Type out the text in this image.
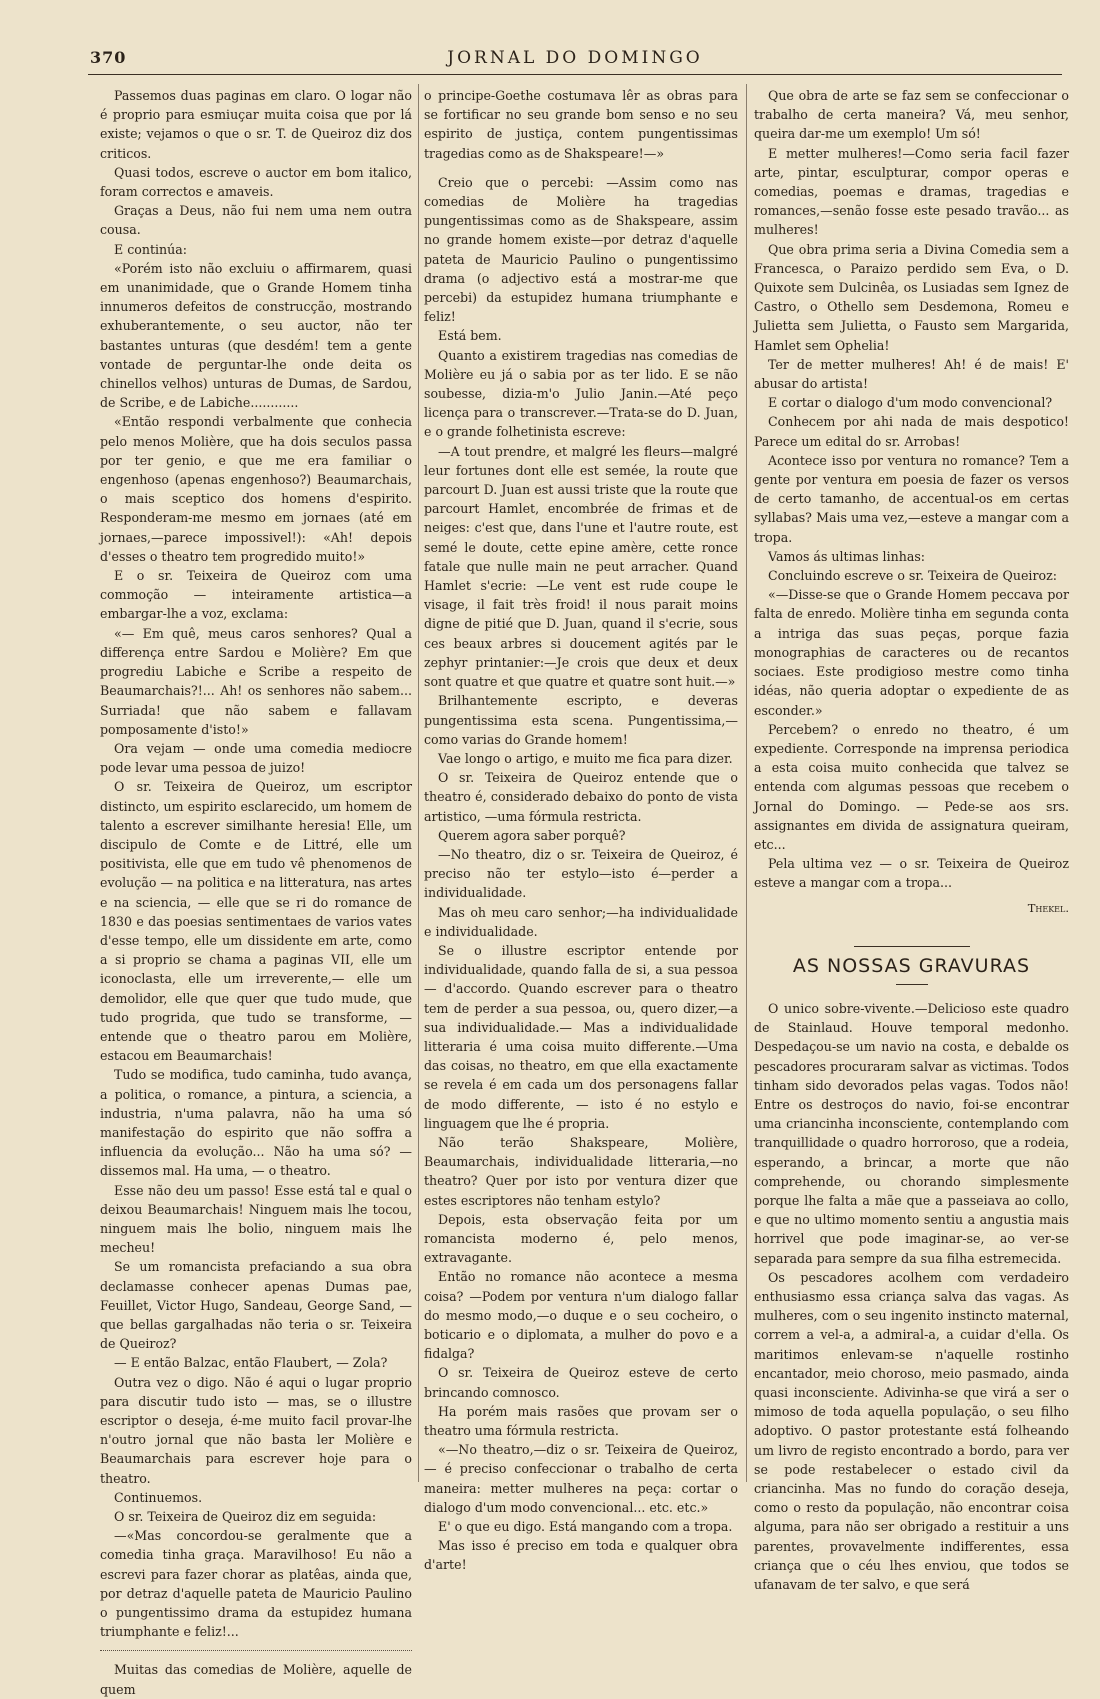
370	JORNAL DO DOMINGO

Passemos duas paginas em claro. O logar não é proprio para esmiuçar muita coisa que por lá existe; vejamos o que o sr. T. de Queiroz diz dos criticos.

Quasi todos, escreve o auctor em bom italico, foram correctos e amaveis.

Graças a Deus, não fui nem uma nem outra cousa.

E continúa:

«Porém isto não excluiu o affirmarem, quasi em unanimidade, que o Grande Homem tinha innumeros defeitos de construcção, mostrando exhuberantemente, o seu auctor, não ter bastantes unturas (que desdém! tem a gente vontade de perguntar-lhe onde deita os chinellos velhos) unturas de Dumas, de Sardou, de Scribe, e de Labiche............

«Então respondi verbalmente que conhecia pelo menos Molière, que ha dois seculos passa por ter genio, e que me era familiar o engenhoso (apenas engenhoso?) Beaumarchais, o mais sceptico dos homens d'espirito. Responderam-me mesmo em jornaes (até em jornaes,—parece impossivel!): «Ah! depois d'esses o theatro tem progredido muito!»

E o sr. Teixeira de Queiroz com uma commoção — inteiramente artistica—a embargar-lhe a voz, exclama:

«— Em quê, meus caros senhores? Qual a differença entre Sardou e Molière? Em que progrediu Labiche e Scribe a respeito de Beaumarchais?!... Ah! os senhores não sabem... Surriada! que não sabem e fallavam pomposamente d'isto!»

Ora vejam — onde uma comedia mediocre pode levar uma pessoa de juizo!

O sr. Teixeira de Queiroz, um escriptor distincto, um espirito esclarecido, um homem de talento a escrever similhante heresia! Elle, um discipulo de Comte e de Littré, elle um positivista, elle que em tudo vê phenomenos de evolução — na politica e na litteratura, nas artes e na sciencia, — elle que se ri do romance de 1830 e das poesias sentimentaes de varios vates d'esse tempo, elle um dissidente em arte, como a si proprio se chama a paginas VII, elle um iconoclasta, elle um irreverente,— elle um demolidor, elle que quer que tudo mude, que tudo progrida, que tudo se transforme, — entende que o theatro parou em Molière, estacou em Beaumarchais!

Tudo se modifica, tudo caminha, tudo avança, a politica, o romance, a pintura, a sciencia, a industria, n'uma palavra, não ha uma só manifestação do espirito que não soffra a influencia da evolução... Não ha uma só? — dissemos mal. Ha uma, — o theatro.

Esse não deu um passo! Esse está tal e qual o deixou Beaumarchais! Ninguem mais lhe tocou, ninguem mais lhe bolio, ninguem mais lhe mecheu!

Se um romancista prefaciando a sua obra declamasse conhecer apenas Dumas pae, Feuillet, Victor Hugo, Sandeau, George Sand, — que bellas gargalhadas não teria o sr. Teixeira de Queiroz?

— E então Balzac, então Flaubert, — Zola?

Outra vez o digo. Não é aqui o lugar proprio para discutir tudo isto — mas, se o illustre escriptor o deseja, é-me muito facil provar-lhe n'outro jornal que não basta ler Molière e Beaumarchais para escrever hoje para o theatro.

Continuemos.

O sr. Teixeira de Queiroz diz em seguida:

—«Mas concordou-se geralmente que a comedia tinha graça. Maravilhoso! Eu não a escrevi para fazer chorar as platêas, ainda que, por detraz d'aquelle pateta de Mauricio Paulino o pungentissimo drama da estupidez humana triumphante e feliz!...

Muitas das comedias de Molière, aquelle de quem

o principe-Goethe costumava lêr as obras para se fortificar no seu grande bom senso e no seu espirito de justiça, contem pungentissimas tragedias como as de Shakspeare!—»

Creio que o percebi: —Assim como nas comedias de Molière ha tragedias pungentissimas como as de Shakspeare, assim no grande homem existe—por detraz d'aquelle pateta de Mauricio Paulino o pungentissimo drama (o adjectivo está a mostrar-me que percebi) da estupidez humana triumphante e feliz!

Está bem.

Quanto a existirem tragedias nas comedias de Molière eu já o sabia por as ter lido. E se não soubesse, dizia-m'o Julio Janin.—Até peço licença para o transcrever.—Trata-se do D. Juan, e o grande folhetinista escreve:

—A tout prendre, et malgré les fleurs—malgré leur fortunes dont elle est semée, la route que parcourt D. Juan est aussi triste que la route que parcourt Hamlet, encombrée de frimas et de neiges: c'est que, dans l'une et l'autre route, est semé le doute, cette epine amère, cette ronce fatale que nulle main ne peut arracher. Quand Hamlet s'ecrie: —Le vent est rude coupe le visage, il fait très froid! il nous parait moins digne de pitié que D. Juan, quand il s'ecrie, sous ces beaux arbres si doucement agités par le zephyr printanier:—Je crois que deux et deux sont quatre et que quatre et quatre sont huit.—»

Brilhantemente escripto, e deveras pungentissima esta scena. Pungentissima,—como varias do Grande homem!

Vae longo o artigo, e muito me fica para dizer.

O sr. Teixeira de Queiroz entende que o theatro é, considerado debaixo do ponto de vista artistico, —uma fórmula restricta.

Querem agora saber porquê?

—No theatro, diz o sr. Teixeira de Queiroz, é preciso não ter estylo—isto é—perder a individualidade.

Mas oh meu caro senhor;—ha individualidade e individualidade.

Se o illustre escriptor entende por individualidade, quando falla de si, a sua pessoa — d'accordo. Quando escrever para o theatro tem de perder a sua pessoa, ou, quero dizer,—a sua individualidade.— Mas a individualidade litteraria é uma coisa muito differente.—Uma das coisas, no theatro, em que ella exactamente se revela é em cada um dos personagens fallar de modo differente, — isto é no estylo e linguagem que lhe é propria.

Não terão Shakspeare, Molière, Beaumarchais, individualidade litteraria,—no theatro? Quer por isto por ventura dizer que estes escriptores não tenham estylo?

Depois, esta observação feita por um romancista moderno é, pelo menos, extravagante.

Então no romance não acontece a mesma coisa? —Podem por ventura n'um dialogo fallar do mesmo modo,—o duque e o seu cocheiro, o boticario e o diplomata, a mulher do povo e a fidalga?

O sr. Teixeira de Queiroz esteve de certo brincando comnosco.

Ha porém mais rasões que provam ser o theatro uma fórmula restricta.

«—No theatro,—diz o sr. Teixeira de Queiroz,— é preciso confeccionar o trabalho de certa maneira: metter mulheres na peça: cortar o dialogo d'um modo convencional... etc. etc.»

E' o que eu digo. Está mangando com a tropa.

Mas isso é preciso em toda e qualquer obra d'arte!

Que obra de arte se faz sem se confeccionar o trabalho de certa maneira? Vá, meu senhor, queira dar-me um exemplo! Um só!

E metter mulheres!—Como seria facil fazer arte, pintar, esculpturar, compor operas e comedias, poemas e dramas, tragedias e romances,—senão fosse este pesado travão... as mulheres!

Que obra prima seria a Divina Comedia sem a Francesca, o Paraizo perdido sem Eva, o D. Quixote sem Dulcinêa, os Lusiadas sem Ignez de Castro, o Othello sem Desdemona, Romeu e Julietta sem Julietta, o Fausto sem Margarida, Hamlet sem Ophelia!

Ter de metter mulheres! Ah! é de mais! E' abusar do artista!

E cortar o dialogo d'um modo convencional?

Conhecem por ahi nada de mais despotico! Parece um edital do sr. Arrobas!

Acontece isso por ventura no romance? Tem a gente por ventura em poesia de fazer os versos de certo tamanho, de accentual-os em certas syllabas? Mais uma vez,—esteve a mangar com a tropa.

Vamos ás ultimas linhas:

Concluindo escreve o sr. Teixeira de Queiroz:

«—Disse-se que o Grande Homem peccava por falta de enredo. Molière tinha em segunda conta a intriga das suas peças, porque fazia monographias de caracteres ou de recantos sociaes. Este prodigioso mestre como tinha idéas, não queria adoptar o expediente de as esconder.»

Percebem? o enredo no theatro, é um expediente. Corresponde na imprensa periodica a esta coisa muito conhecida que talvez se entenda com algumas pessoas que recebem o Jornal do Domingo. — Pede-se aos srs. assignantes em divida de assignatura queiram, etc...

Pela ultima vez — o sr. Teixeira de Queiroz esteve a mangar com a tropa...

Thekel.

AS NOSSAS GRAVURAS

O unico sobre-vivente.—Delicioso este quadro de Stainlaud. Houve temporal medonho. Despedaçou-se um navio na costa, e debalde os pescadores procuraram salvar as victimas. Todos tinham sido devorados pelas vagas. Todos não! Entre os destroços do navio, foi-se encontrar uma criancinha inconsciente, contemplando com tranquillidade o quadro horroroso, que a rodeia, esperando, a brincar, a morte que não comprehende, ou chorando simplesmente porque lhe falta a mãe que a passeiava ao collo, e que no ultimo momento sentiu a angustia mais horrivel que pode imaginar-se, ao ver-se separada para sempre da sua filha estremecida.

Os pescadores acolhem com verdadeiro enthusiasmo essa criança salva das vagas. As mulheres, com o seu ingenito instincto maternal, correm a vel-a, a admiral-a, a cuidar d'ella. Os maritimos enlevam-se n'aquelle rostinho encantador, meio choroso, meio pasmado, ainda quasi inconsciente. Adivinha-se que virá a ser o mimoso de toda aquella população, o seu filho adoptivo. O pastor protestante está folheando um livro de registo encontrado a bordo, para ver se pode restabelecer o estado civil da criancinha. Mas no fundo do coração deseja, como o resto da população, não encontrar coisa alguma, para não ser obrigado a restituir a uns parentes, provavelmente indifferentes, essa criança que o céu lhes enviou, que todos se ufanavam de ter salvo, e que será
